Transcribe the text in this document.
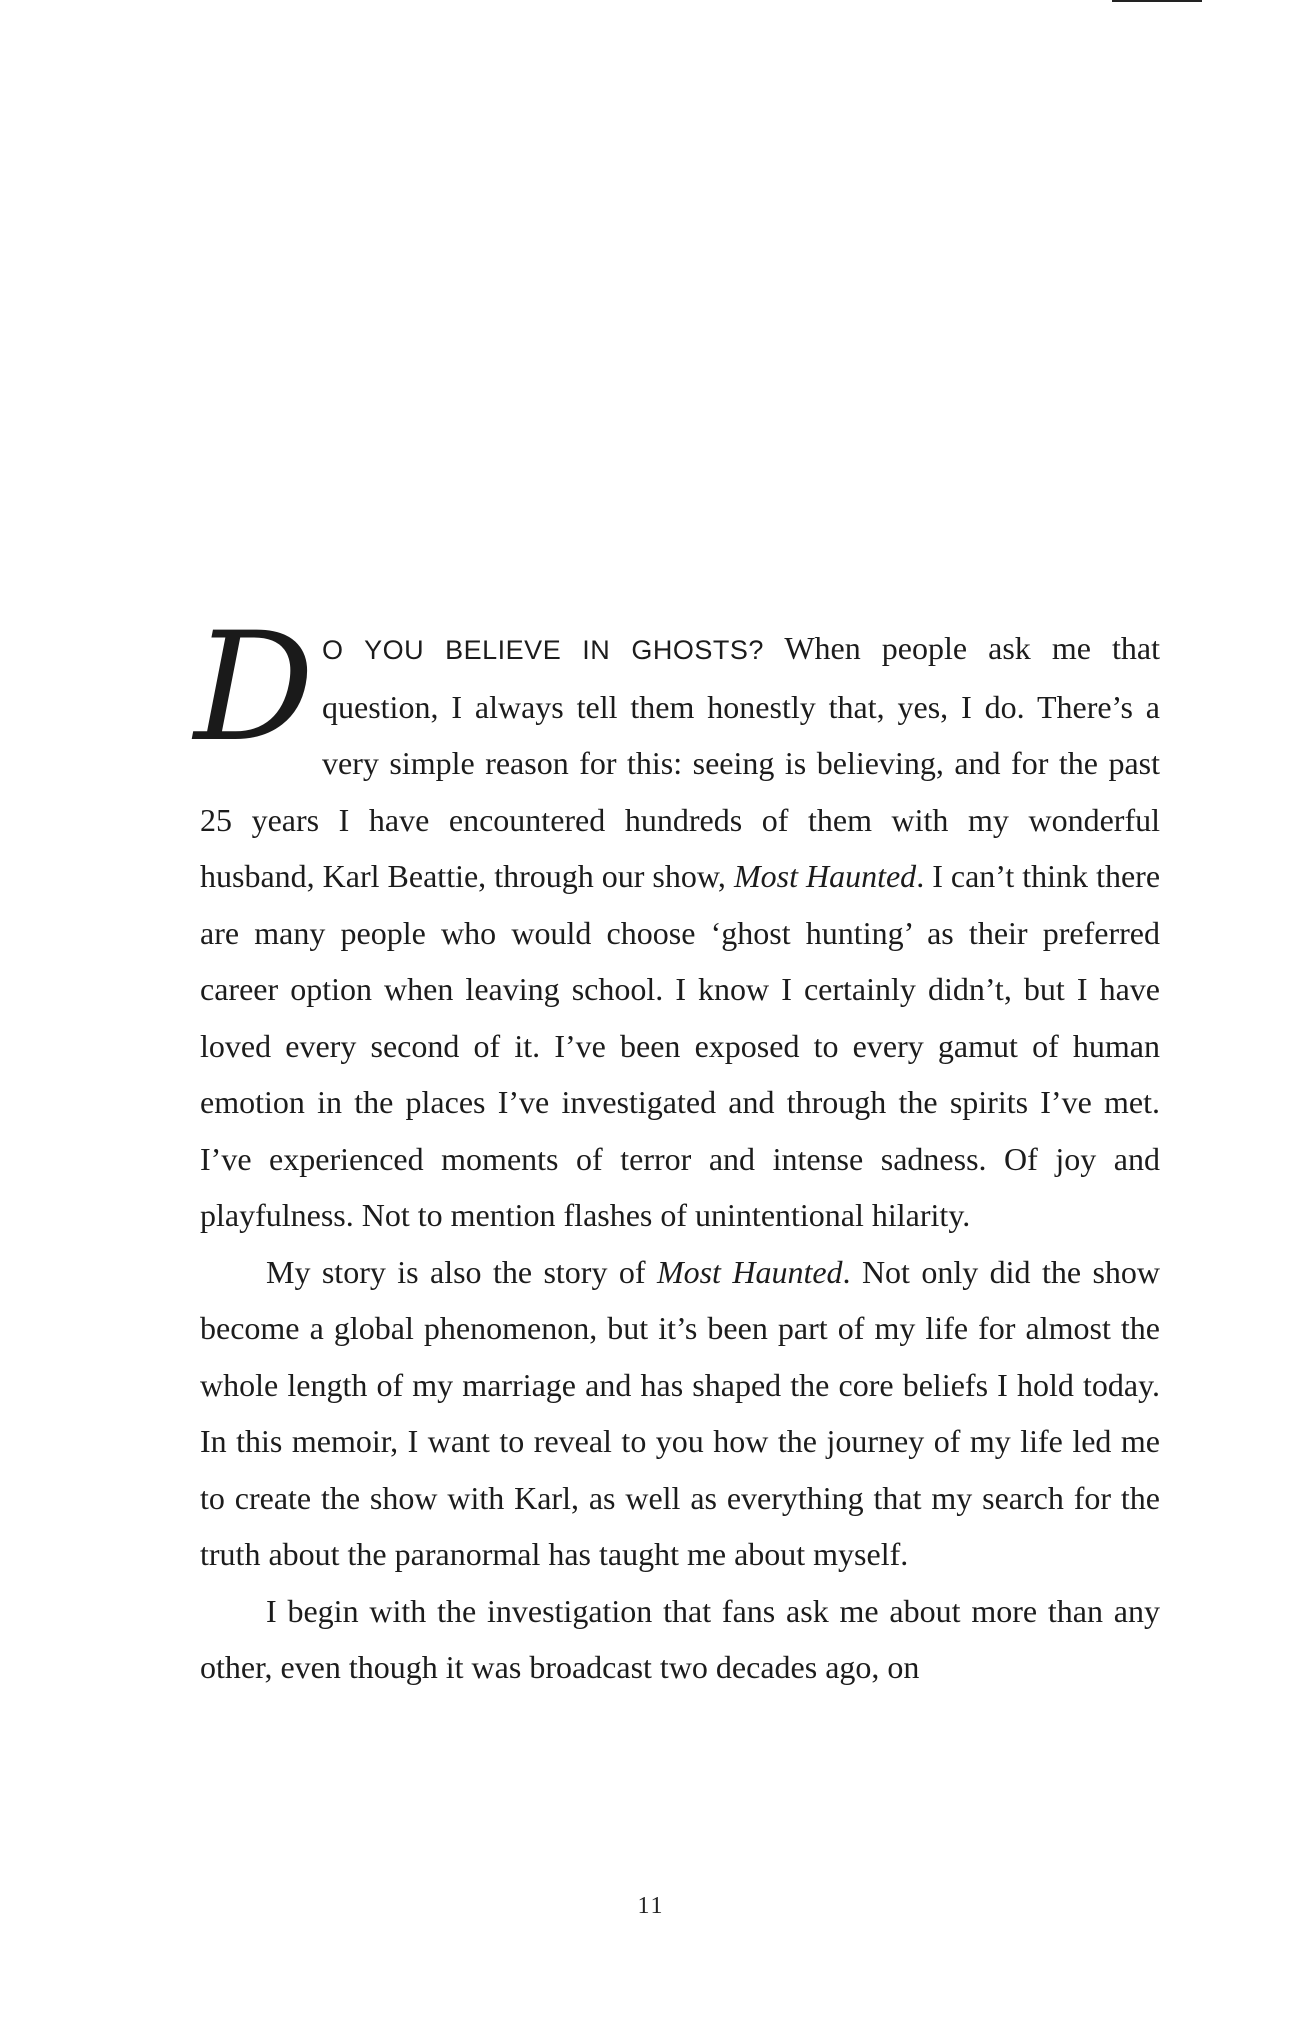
D O YOU BELIEVE IN GHOSTS? When people ask me that question, I always tell them honestly that, yes, I do. There’s a very simple reason for this: seeing is believing, and for the past 25 years I have encountered hundreds of them with my wonderful husband, Karl Beattie, through our show, Most Haunted. I can’t think there are many people who would choose ‘ghost hunting’ as their preferred career option when leaving school. I know I certainly didn’t, but I have loved every second of it. I’ve been exposed to every gamut of human emotion in the places I’ve investigated and through the spirits I’ve met. I’ve experienced moments of terror and intense sadness. Of joy and playfulness. Not to mention flashes of unintentional hilarity.

My story is also the story of Most Haunted. Not only did the show become a global phenomenon, but it’s been part of my life for almost the whole length of my marriage and has shaped the core beliefs I hold today. In this memoir, I want to reveal to you how the journey of my life led me to create the show with Karl, as well as everything that my search for the truth about the paranormal has taught me about myself.

I begin with the investigation that fans ask me about more than any other, even though it was broadcast two decades ago, on

11
